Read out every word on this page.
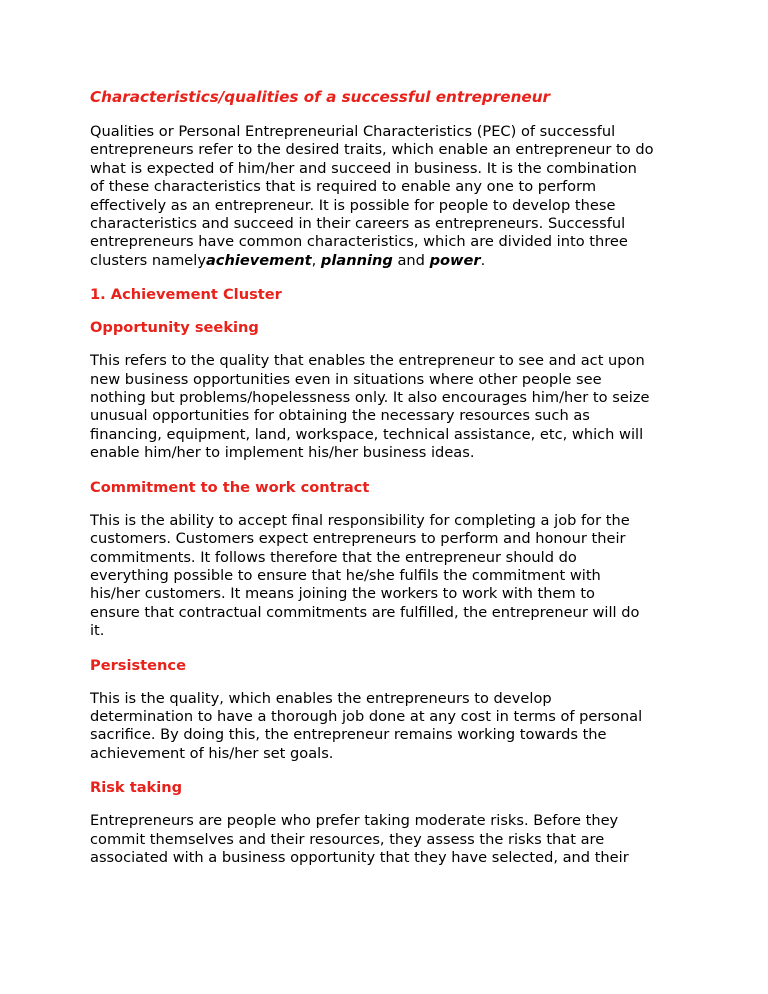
Characteristics/qualities of a successful entrepreneur
Qualities or Personal Entrepreneurial Characteristics (PEC) of successful
entrepreneurs refer to the desired traits, which enable an entrepreneur to do
what is expected of him/her and succeed in business. It is the combination
of these characteristics that is required to enable any one to perform
effectively as an entrepreneur. It is possible for people to develop these
characteristics and succeed in their careers as entrepreneurs. Successful
entrepreneurs have common characteristics, which are divided into three
clusters namelyachievement, planning and power.
1. Achievement Cluster
Opportunity seeking
This refers to the quality that enables the entrepreneur to see and act upon
new business opportunities even in situations where other people see
nothing but problems/hopelessness only. It also encourages him/her to seize
unusual opportunities for obtaining the necessary resources such as
financing, equipment, land, workspace, technical assistance, etc, which will
enable him/her to implement his/her business ideas.
Commitment to the work contract
This is the ability to accept final responsibility for completing a job for the
customers. Customers expect entrepreneurs to perform and honour their
commitments. It follows therefore that the entrepreneur should do
everything possible to ensure that he/she fulfils the commitment with
his/her customers. It means joining the workers to work with them to
ensure that contractual commitments are fulfilled, the entrepreneur will do
it.
Persistence
This is the quality, which enables the entrepreneurs to develop
determination to have a thorough job done at any cost in terms of personal
sacrifice. By doing this, the entrepreneur remains working towards the
achievement of his/her set goals.
Risk taking
Entrepreneurs are people who prefer taking moderate risks. Before they
commit themselves and their resources, they assess the risks that are
associated with a business opportunity that they have selected, and their
